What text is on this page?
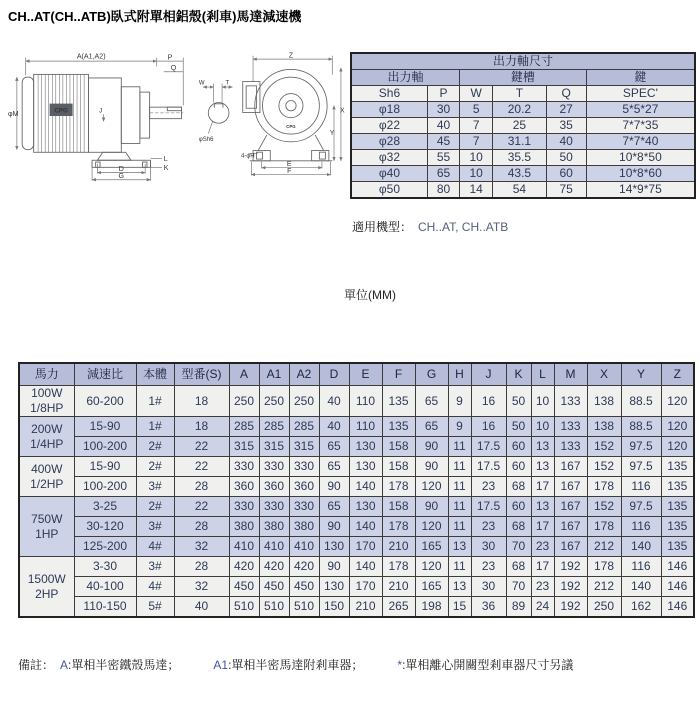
CH..AT(CH..ATB)臥式附單相鋁殼(剎車)馬達減速機
CPG
A(A1,A2)	P
Q
φM	J
D
G
L
K
W	T
φSh6
CPG
Z
X
Y
4-φH
E
F
出力軸尺寸					
出力軸		鍵槽			鍵
Sh6	P	W	T	Q	SPEC'
φ18	30	5	20.2	27	5*5*27
φ22	40	7	25	35	7*7*35
φ28	45	7	31.1	40	7*7*40
φ32	55	10	35.5	50	10*8*50
φ40	65	10	43.5	60	10*8*60
φ50	80	14	54	75	14*9*75
適用機型： CH..AT, CH..ATB
單位(MM)
馬力	減速比	本體	型番(S)	A	A1	A2	D	E	F	G	H	J	K	L	M	X	Y	Z

100W
1/8HP	60-200	1#	18	250	250	250	40	110	135	65	9	16	50	10	133	138	88.5	120

200W
1/4HP	15-90	1#	18	285	285	285	40	110	135	65	9	16	50	10	133	138	88.5	120
	100-200	2#	22	315	315	315	65	130	158	90	11	17.5	60	13	133	152	97.5	120

400W
1/2HP	15-90	2#	22	330	330	330	65	130	158	90	11	17.5	60	13	167	152	97.5	135
	100-200	3#	28	360	360	360	90	140	178	120	11	23	68	17	167	178	116	135

750W
1HP	3-25	2#	22	330	330	330	65	130	158	90	11	17.5	60	13	167	152	97.5	135
	30-120	3#	28	380	380	380	90	140	178	120	11	23	68	17	167	178	116	135
	125-200	4#	32	410	410	410	130	170	210	165	13	30	70	23	167	212	140	135

1500W
2HP	3-30	3#	28	420	420	420	90	140	178	120	11	23	68	17	192	178	116	146
	40-100	4#	32	450	450	450	130	170	210	165	13	30	70	23	192	212	140	146
	110-150	5#	40	510	510	510	150	210	265	198	15	36	89	24	192	250	162	146
備註： A:單相半密鐵殼馬達；	A1:單相半密馬達附剎車器；	*:單相離心開關型剎車器尺寸另議
